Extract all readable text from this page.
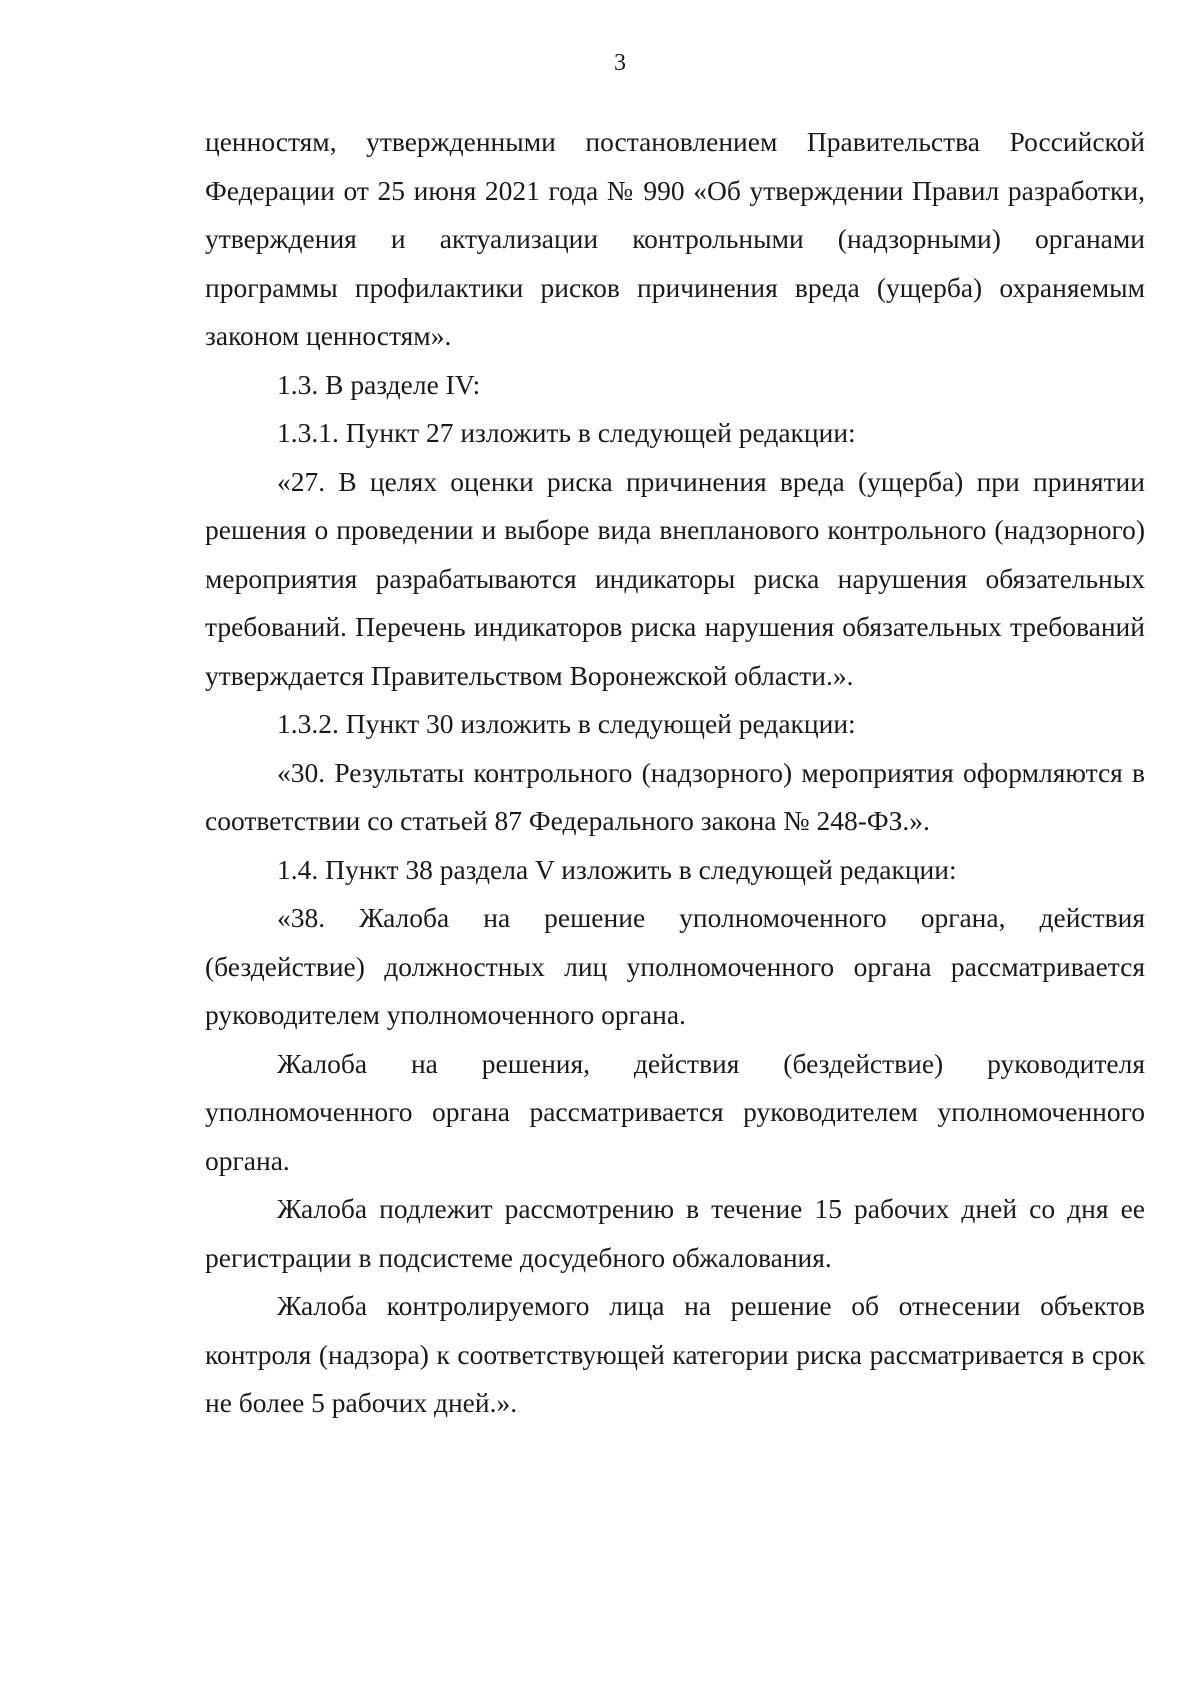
3

ценностям, утвержденными постановлением Правительства Российской Федерации от 25 июня 2021 года № 990 «Об утверждении Правил разработки, утверждения и актуализации контрольными (надзорными) органами программы профилактики рисков причинения вреда (ущерба) охраняемым законом ценностям».

1.3. В разделе IV:

1.3.1. Пункт 27 изложить в следующей редакции:

«27. В целях оценки риска причинения вреда (ущерба) при принятии решения о проведении и выборе вида внепланового контрольного (надзорного) мероприятия разрабатываются индикаторы риска нарушения обязательных требований. Перечень индикаторов риска нарушения обязательных требований утверждается Правительством Воронежской области.».

1.3.2. Пункт 30 изложить в следующей редакции:

«30. Результаты контрольного (надзорного) мероприятия оформляются в соответствии со статьей 87 Федерального закона № 248-ФЗ.».

1.4. Пункт 38 раздела V изложить в следующей редакции:

«38. Жалоба на решение уполномоченного органа, действия (бездействие) должностных лиц уполномоченного органа рассматривается руководителем уполномоченного органа.

Жалоба на решения, действия (бездействие) руководителя уполномоченного органа рассматривается руководителем уполномоченного органа.

Жалоба подлежит рассмотрению в течение 15 рабочих дней со дня ее регистрации в подсистеме досудебного обжалования.

Жалоба контролируемого лица на решение об отнесении объектов контроля (надзора) к соответствующей категории риска рассматривается в срок не более 5 рабочих дней.».
